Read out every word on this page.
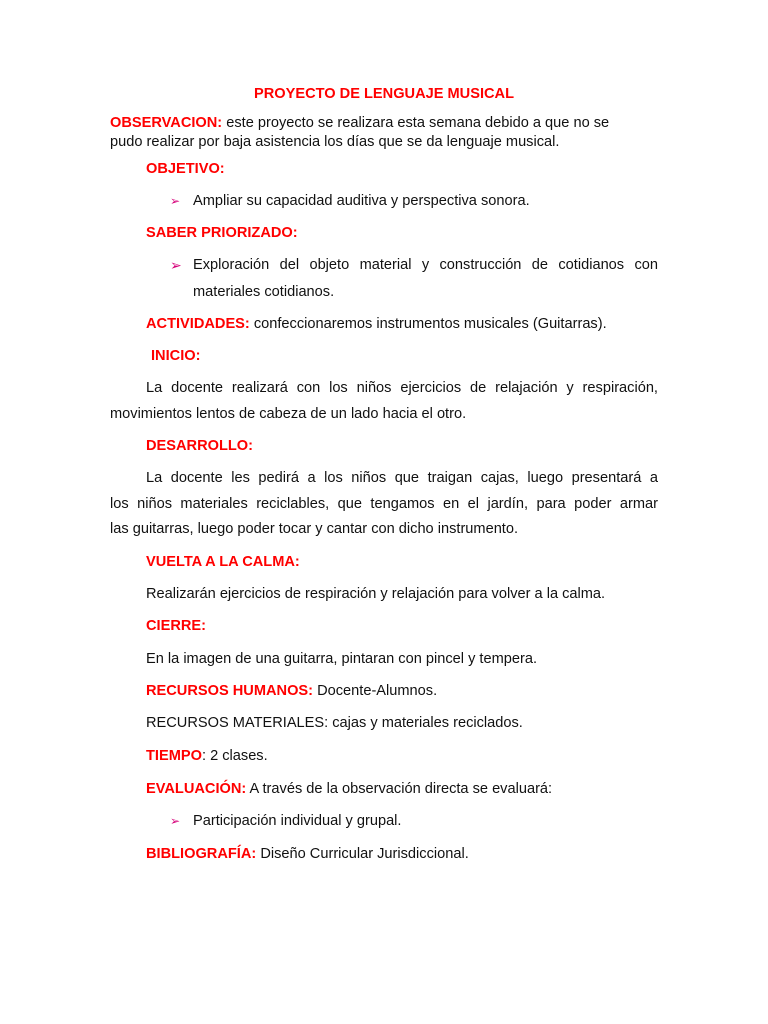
PROYECTO DE LENGUAJE MUSICAL
OBSERVACION: este proyecto se realizara esta semana debido a que no se
pudo realizar por baja asistencia los días que se da lenguaje musical.
OBJETIVO:
➢ Ampliar su capacidad auditiva y perspectiva sonora.
SABER PRIORIZADO:
➢ Exploración del objeto material y construcción de cotidianos con
materiales cotidianos.
ACTIVIDADES: confeccionaremos instrumentos musicales (Guitarras).
INICIO:
La docente realizará con los niños ejercicios de relajación y respiración,
movimientos lentos de cabeza de un lado hacia el otro.
DESARROLLO:
La docente les pedirá a los niños que traigan cajas, luego presentará a
los niños materiales reciclables, que tengamos en el jardín, para poder armar
las guitarras, luego poder tocar y cantar con dicho instrumento.
VUELTA A LA CALMA:
Realizarán ejercicios de respiración y relajación para volver a la calma.
CIERRE:
En la imagen de una guitarra, pintaran con pincel y tempera.
RECURSOS HUMANOS: Docente-Alumnos.
RECURSOS MATERIALES: cajas y materiales reciclados.
TIEMPO: 2 clases.
EVALUACIÓN: A través de la observación directa se evaluará:
➢ Participación individual y grupal.
BIBLIOGRAFÍA: Diseño Curricular Jurisdiccional.
